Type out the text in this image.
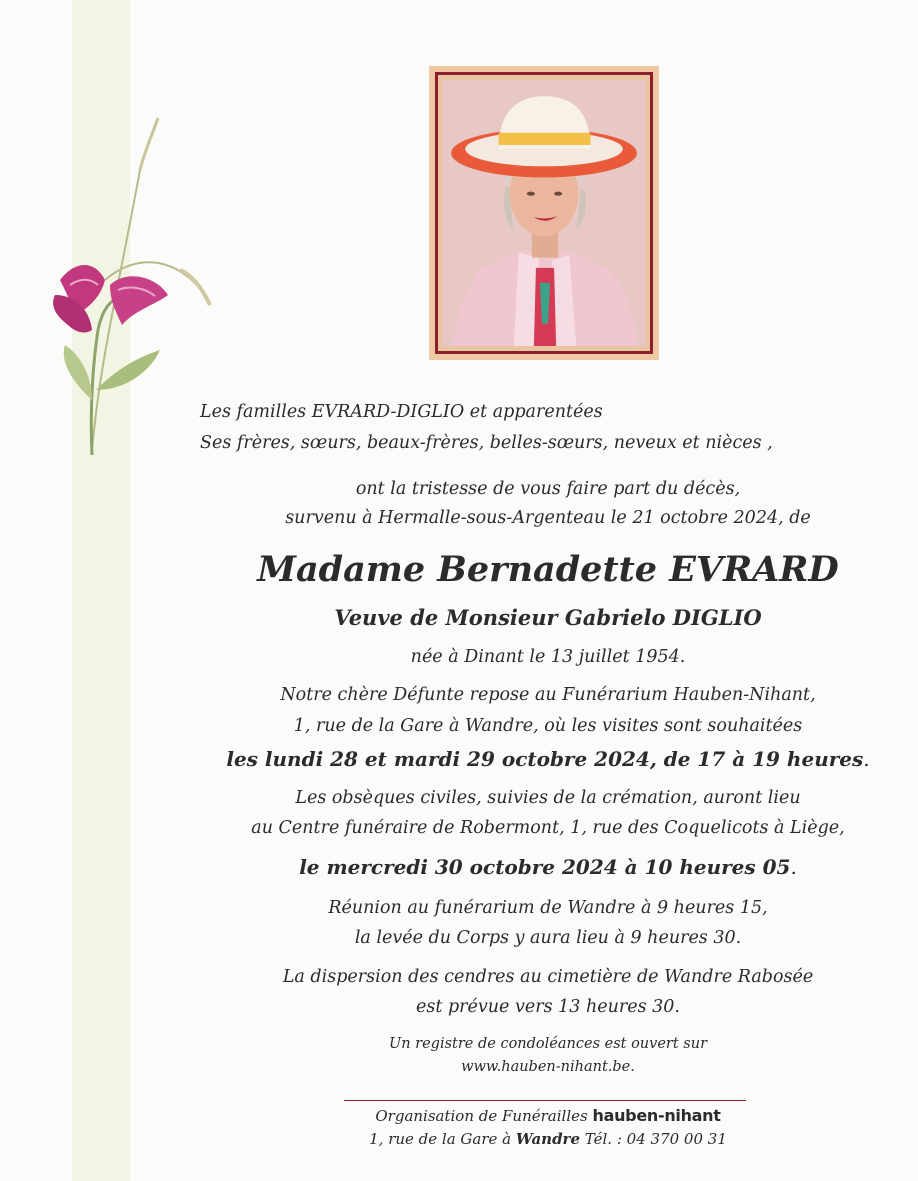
Les familles EVRARD-DIGLIO et apparentées
Ses frères, sœurs, beaux-frères, belles-sœurs, neveux et nièces ,
ont la tristesse de vous faire part du décès,
survenu à Hermalle-sous-Argenteau le 21 octobre 2024, de
Madame Bernadette EVRARD
Veuve de Monsieur Gabrielo DIGLIO
née à Dinant le 13 juillet 1954.
Notre chère Défunte repose au Funérarium Hauben-Nihant,
1, rue de la Gare à Wandre, où les visites sont souhaitées
les lundi 28 et mardi 29 octobre 2024, de 17 à 19 heures.
Les obsèques civiles, suivies de la crémation, auront lieu
au Centre funéraire de Robermont, 1, rue des Coquelicots à Liège,
le mercredi 30 octobre 2024 à 10 heures 05.
Réunion au funérarium de Wandre à 9 heures 15,
la levée du Corps y aura lieu à 9 heures 30.
La dispersion des cendres au cimetière de Wandre Rabosée
est prévue vers 13 heures 30.
Un registre de condoléances est ouvert sur
www.hauben-nihant.be.
Organisation de Funérailles hauben-nihant
1, rue de la Gare à Wandre Tél. : 04 370 00 31
